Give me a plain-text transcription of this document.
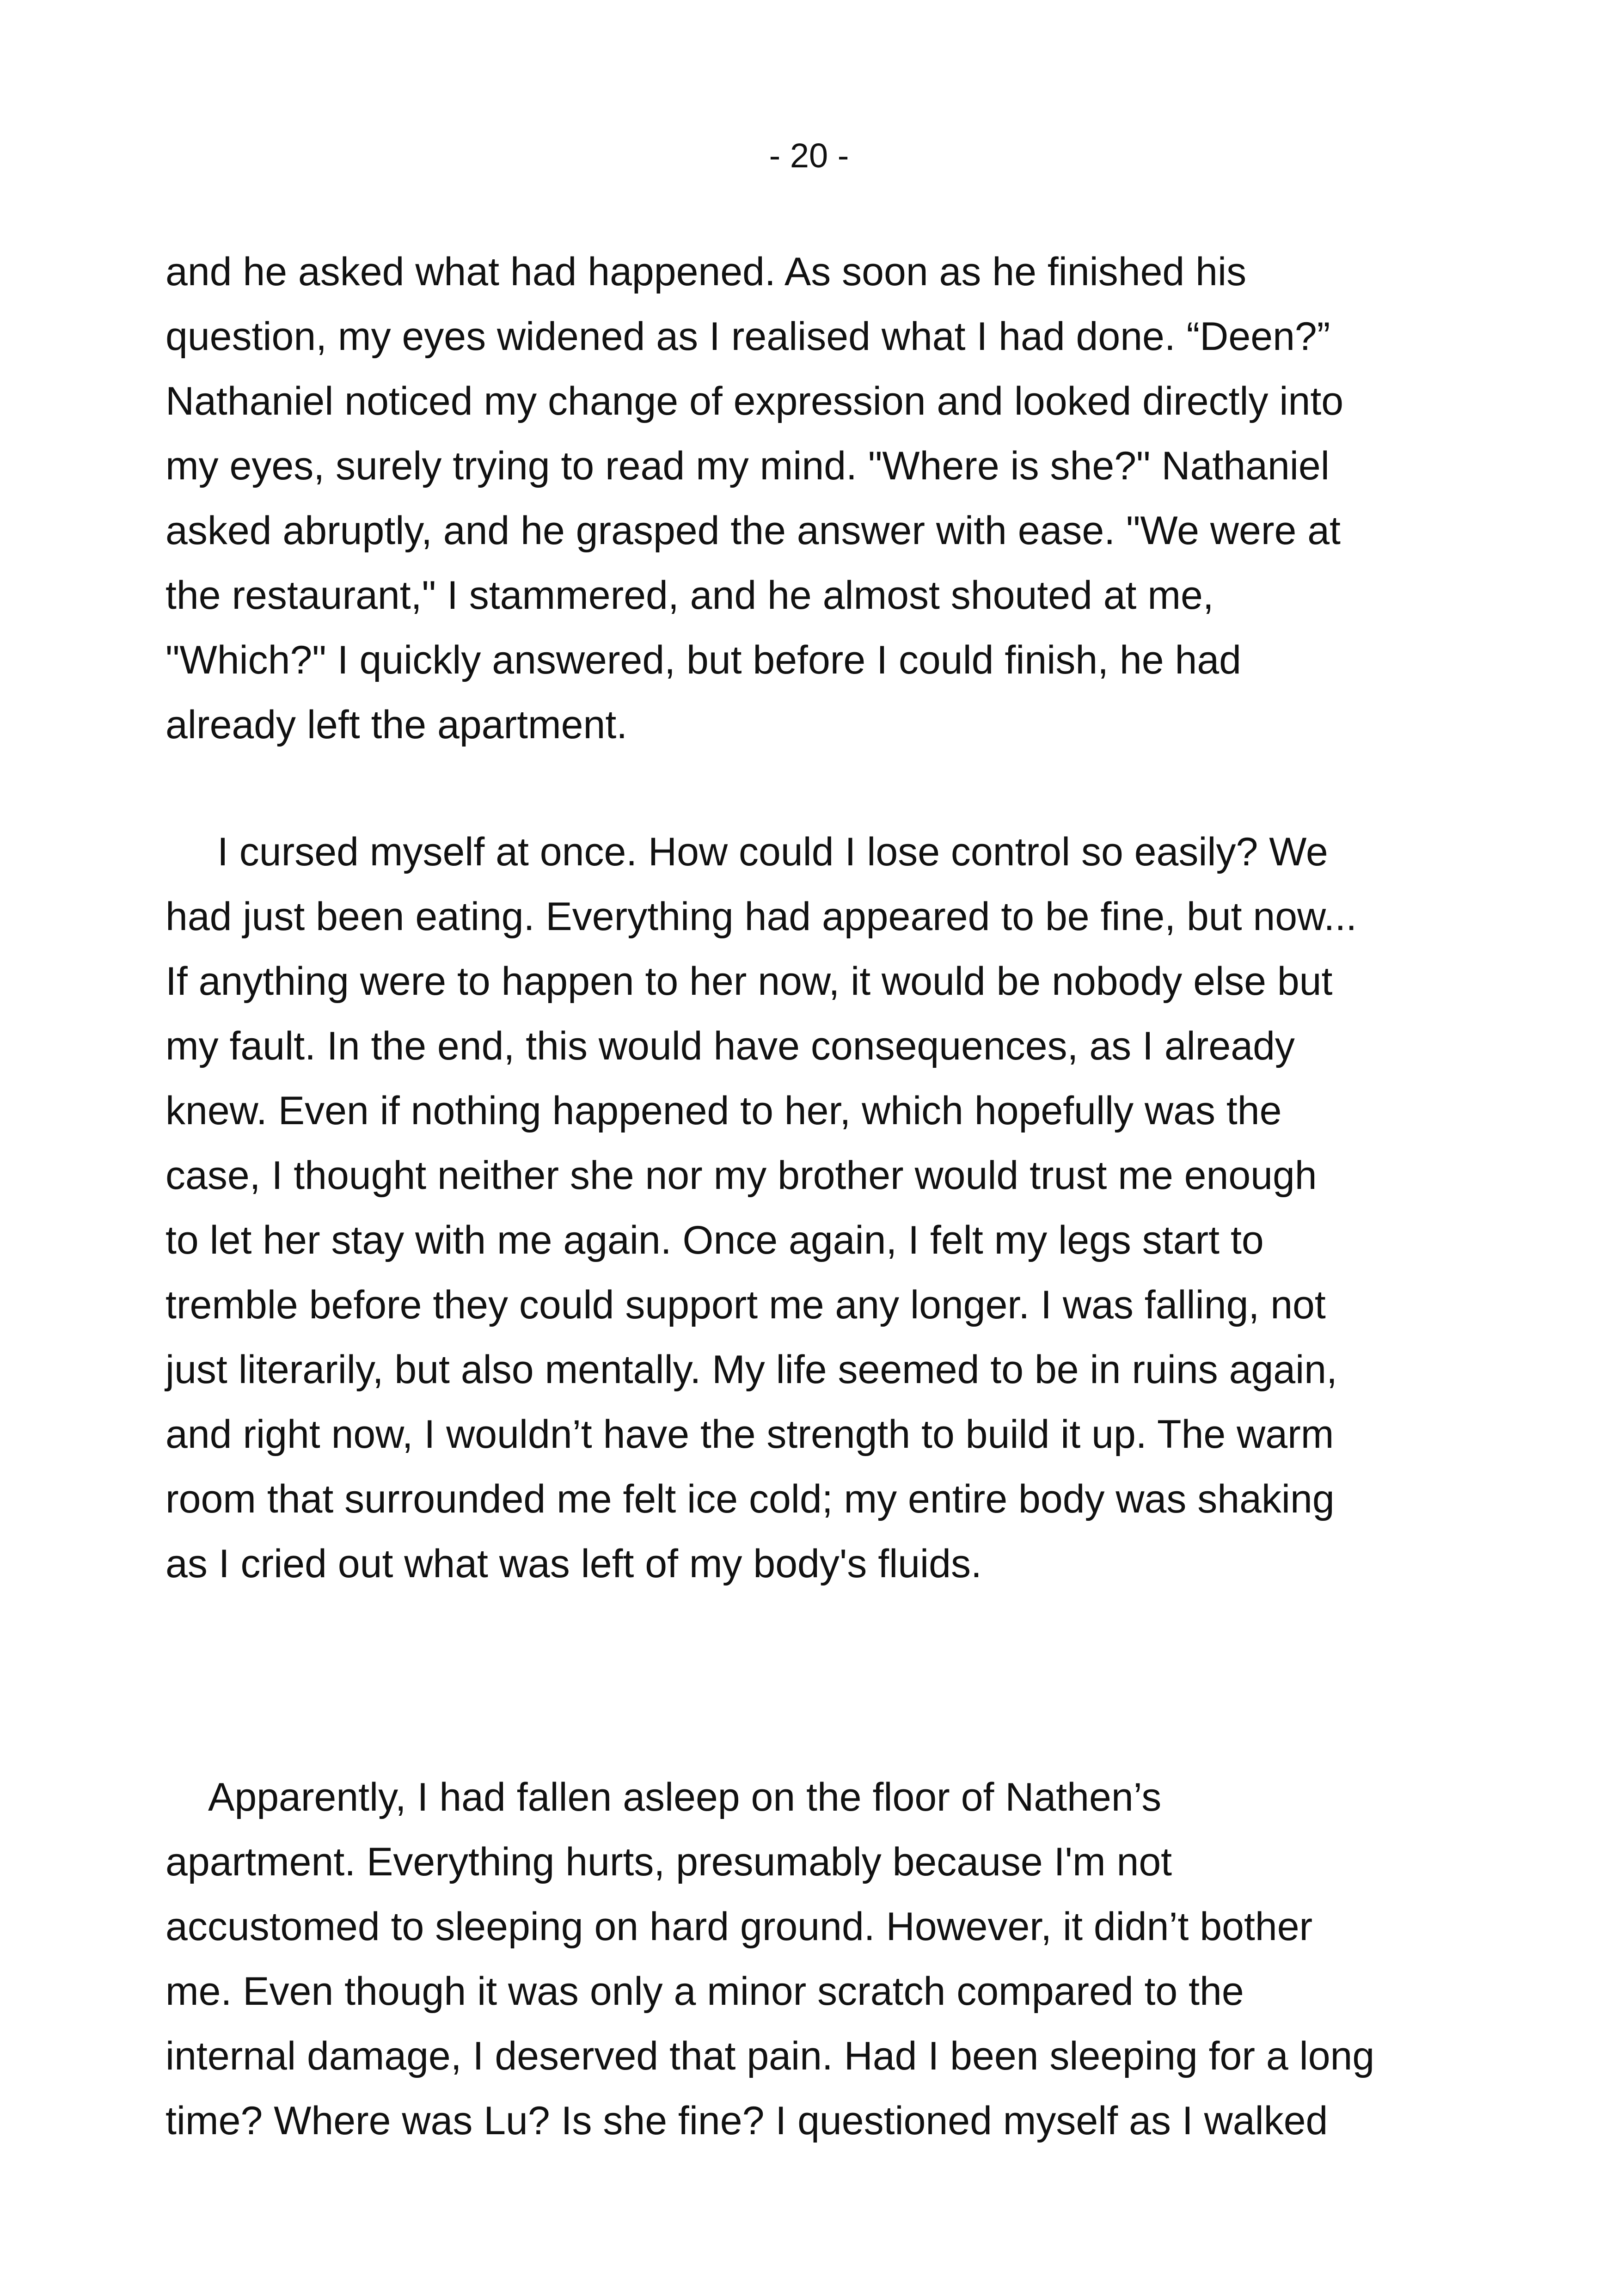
- 20 -
and he asked what had happened. As soon as he finished his
question, my eyes widened as I realised what I had done. “Deen?”
Nathaniel noticed my change of expression and looked directly into
my eyes, surely trying to read my mind. "Where is she?" Nathaniel
asked abruptly, and he grasped the answer with ease. "We were at
the restaurant," I stammered, and he almost shouted at me,
"Which?" I quickly answered, but before I could finish, he had
already left the apartment.
I cursed myself at once. How could I lose control so easily? We
had just been eating. Everything had appeared to be fine, but now...
If anything were to happen to her now, it would be nobody else but
my fault. In the end, this would have consequences, as I already
knew. Even if nothing happened to her, which hopefully was the
case, I thought neither she nor my brother would trust me enough
to let her stay with me again. Once again, I felt my legs start to
tremble before they could support me any longer. I was falling, not
just literarily, but also mentally. My life seemed to be in ruins again,
and right now, I wouldn’t have the strength to build it up. The warm
room that surrounded me felt ice cold; my entire body was shaking
as I cried out what was left of my body's fluids.
Apparently, I had fallen asleep on the floor of Nathen’s
apartment. Everything hurts, presumably because I'm not
accustomed to sleeping on hard ground. However, it didn’t bother
me. Even though it was only a minor scratch compared to the
internal damage, I deserved that pain. Had I been sleeping for a long
time? Where was Lu? Is she fine? I questioned myself as I walked
